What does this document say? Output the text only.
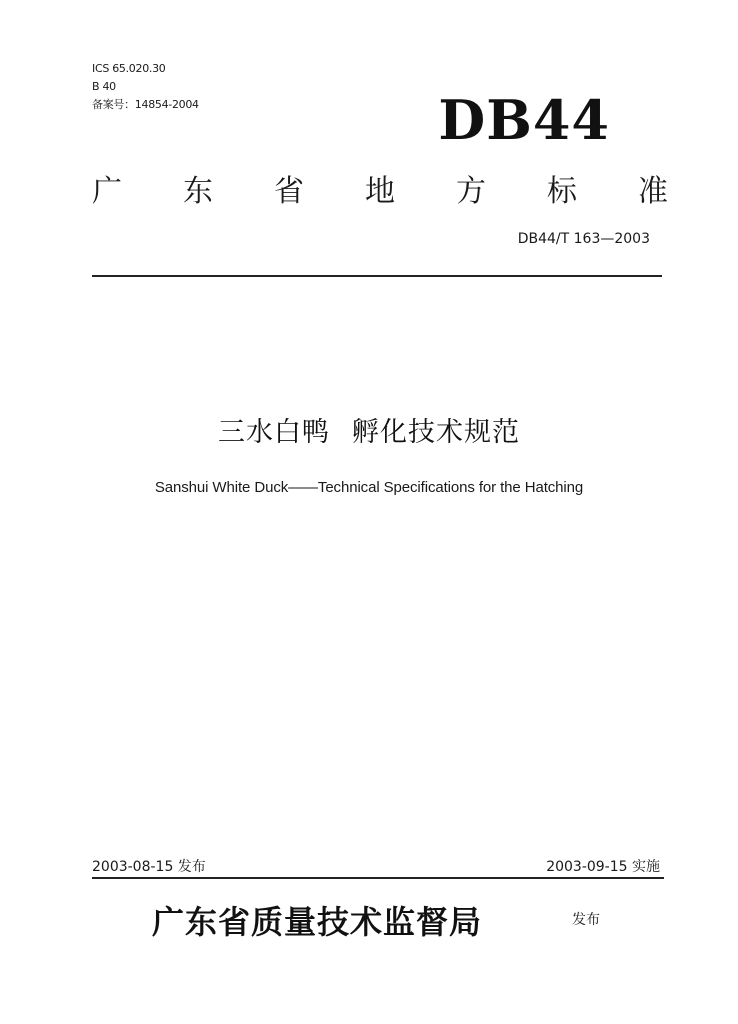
ICS 65.020.30
B 40
备案号：14854-2004	DB44
广 东 省 地 方 标 准
DB44/T 163—2003
三水白鸭 孵化技术规范
Sanshui White Duck——Technical Specifications for the Hatching
2003-08-15 发布	2003-09-15 实施
广东省质量技术监督局	发布
